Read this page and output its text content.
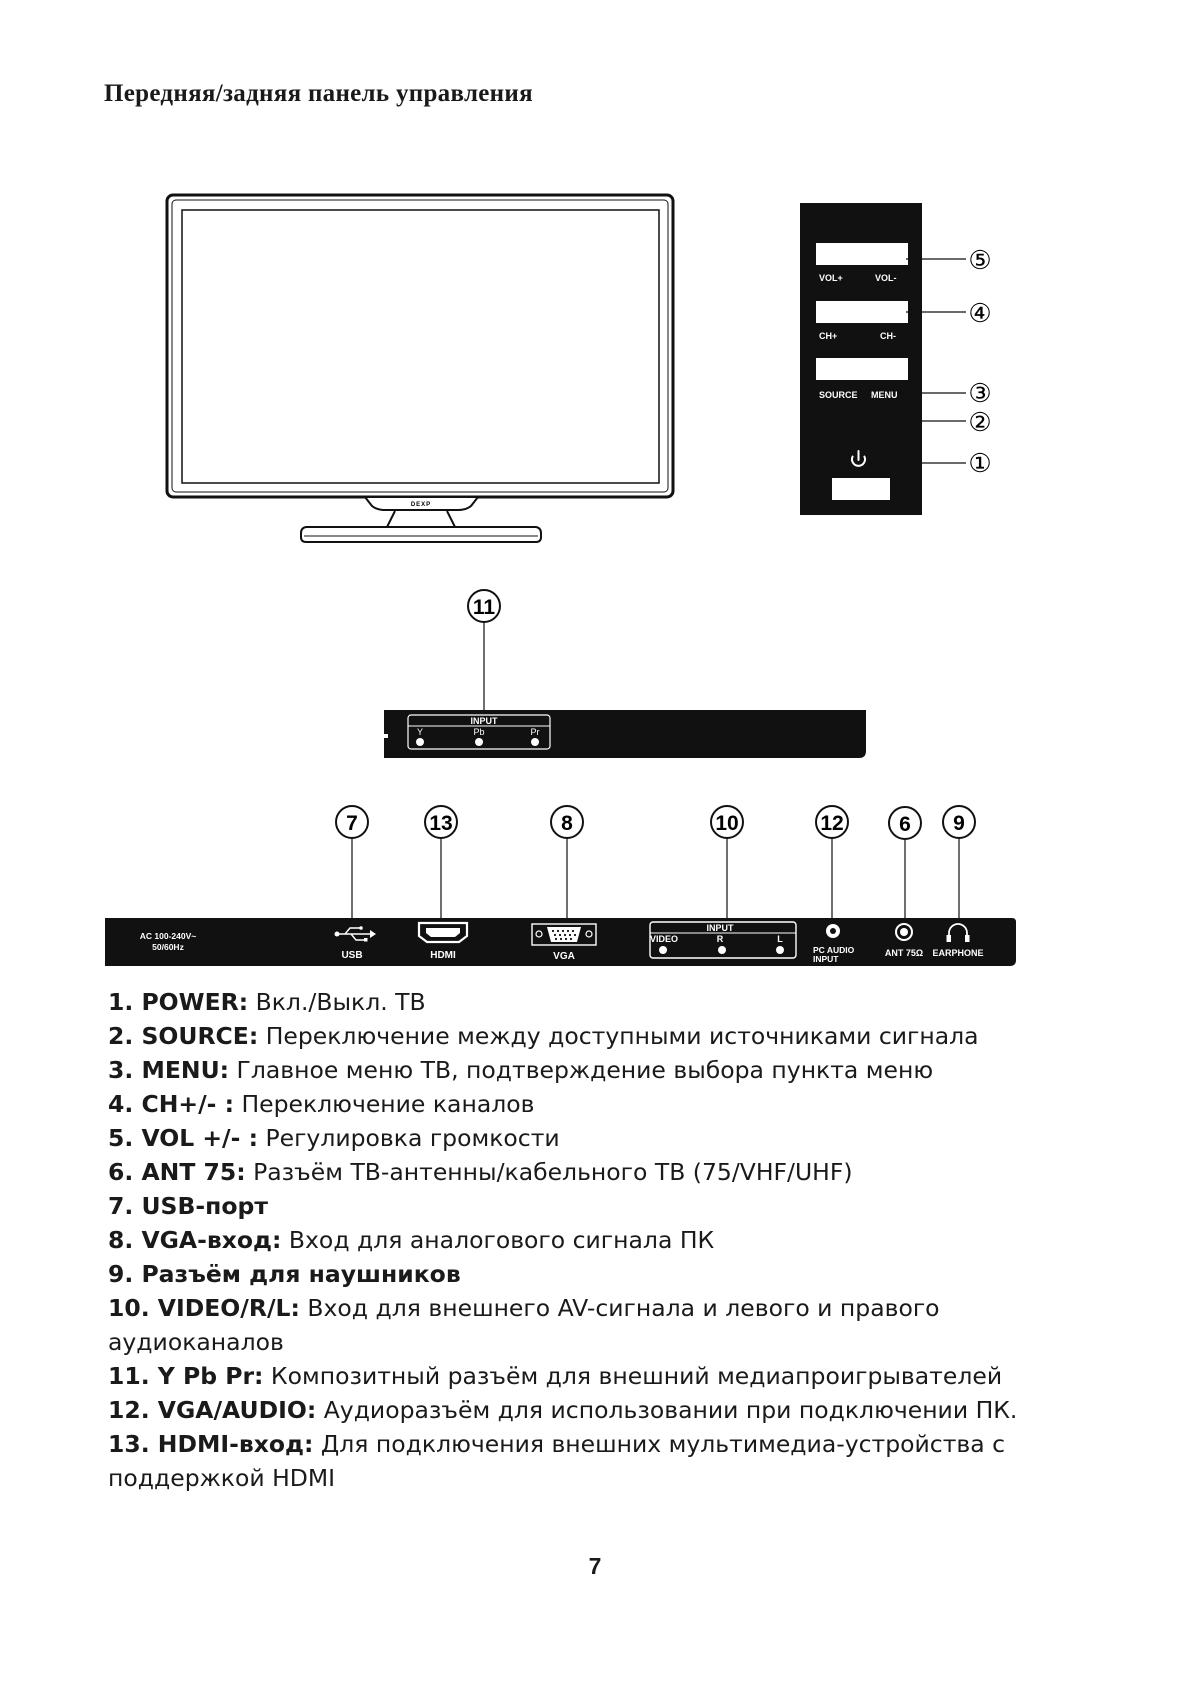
Передняя/задняя панель управления
DEXP
VOL+	VOL-
CH+	CH-
SOURCE MENU
⑤
④
③
②
①
11
INPUT
Y	Pb	Pr
7	13	8	10	12	6 9
AC 100-240V~
50/60Hz
USB	HDMI	VGA
INPUT
VIDEO	R	L
PC AUDIO
INPUT
ANT 75Ω EARPHONE
1. POWER: Вкл./Выкл. ТВ
2. SOURCE: Переключение между доступными источниками сигнала
3. MENU: Главное меню ТВ, подтверждение выбора пункта меню
4. CH+/- : Переключение каналов
5. VOL +/- : Регулировка громкости
6. ANT 75: Разъём ТВ-антенны/кабельного ТВ (75/VHF/UHF)
7. USB-порт
8. VGA-вход: Вход для аналогового сигнала ПК
9. Разъём для наушников
10. VIDEO/R/L: Вход для внешнего AV-сигнала и левого и правого аудиоканалов
11. Y Pb Pr: Композитный разъём для внешний медиапроигрывателей
12. VGA/AUDIO: Аудиоразъём для использовании при подключении ПК.
13. HDMI-вход: Для подключения внешних мультимедиа-устройства с поддержкой HDMI
7
